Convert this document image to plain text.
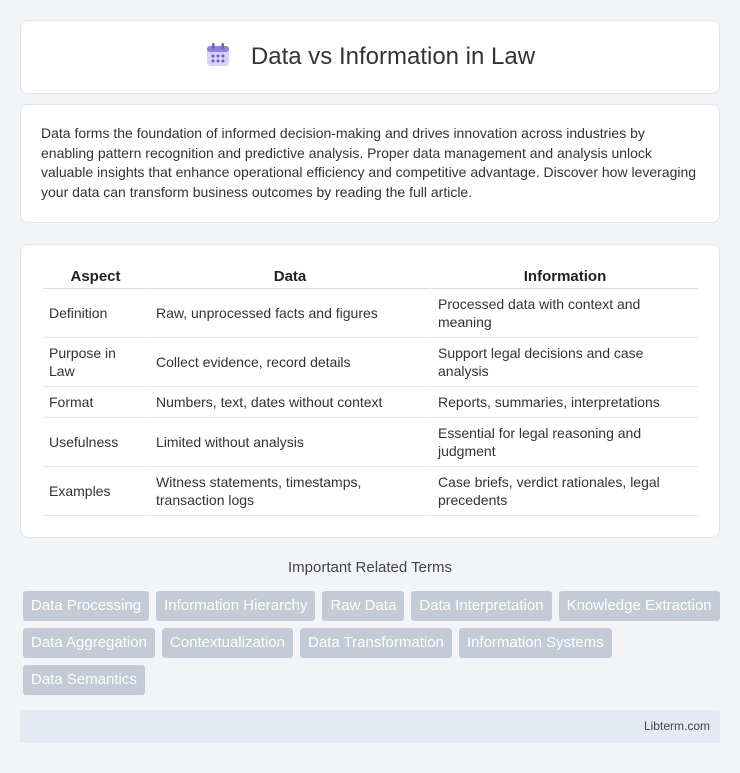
Data vs Information in Law

Data forms the foundation of informed decision-making and drives innovation across industries by enabling pattern recognition and predictive analysis. Proper data management and analysis unlock valuable insights that enhance operational efficiency and competitive advantage. Discover how leveraging your data can transform business outcomes by reading the full article.

Aspect	Data	Information
Definition	Raw, unprocessed facts and figures	Processed data with context and meaning
Purpose in Law	Collect evidence, record details	Support legal decisions and case analysis
Format	Numbers, text, dates without context	Reports, summaries, interpretations
Usefulness	Limited without analysis	Essential for legal reasoning and judgment
Examples	Witness statements, timestamps, transaction logs	Case briefs, verdict rationales, legal precedents
Important Related Terms
Data Processing	Information Hierarchy	Raw Data	Data Interpretation	Knowledge Extraction
Data Aggregation	Contextualization	Data Transformation	Information Systems
Data Semantics
Libterm.com
